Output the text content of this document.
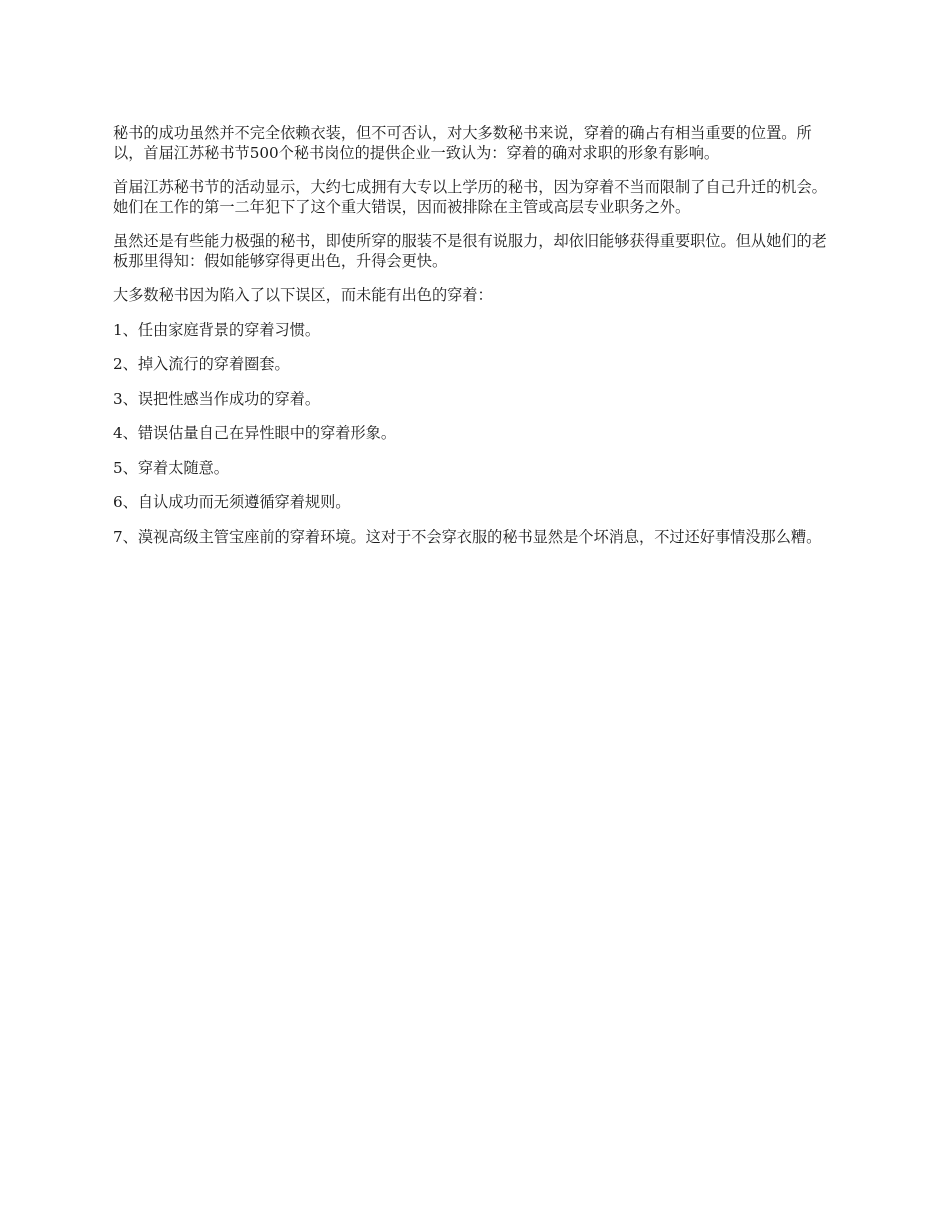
秘书的成功虽然并不完全依赖衣装，但不可否认，对大多数秘书来说，穿着的确占有相当重要的位置。所以，首届江苏秘书节500个秘书岗位的提供企业一致认为：穿着的确对求职的形象有影响。

首届江苏秘书节的活动显示，大约七成拥有大专以上学历的秘书，因为穿着不当而限制了自己升迁的机会。她们在工作的第一二年犯下了这个重大错误，因而被排除在主管或高层专业职务之外。

虽然还是有些能力极强的秘书，即使所穿的服装不是很有说服力，却依旧能够获得重要职位。但从她们的老板那里得知：假如能够穿得更出色，升得会更快。

大多数秘书因为陷入了以下误区，而未能有出色的穿着：

1、任由家庭背景的穿着习惯。

2、掉入流行的穿着圈套。

3、误把性感当作成功的穿着。

4、错误估量自己在异性眼中的穿着形象。

5、穿着太随意。

6、自认成功而无须遵循穿着规则。

7、漠视高级主管宝座前的穿着环境。这对于不会穿衣服的秘书显然是个坏消息，不过还好事情没那么糟。
